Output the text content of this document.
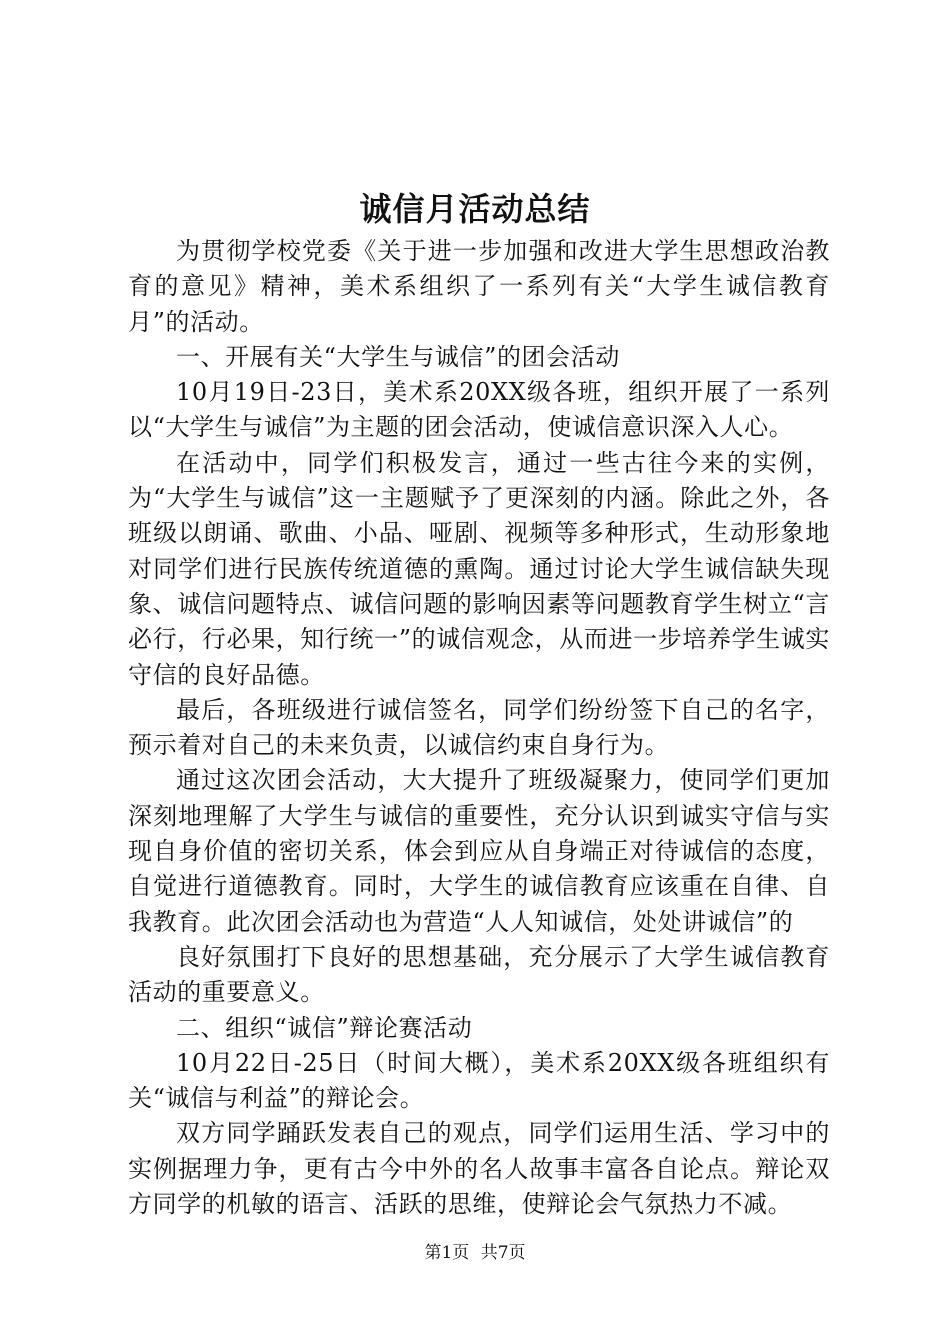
诚信月活动总结

为贯彻学校党委《关于进一步加强和改进大学生思想政治教育的意见》精神，美术系组织了一系列有关“大学生诚信教育月”的活动。

一、开展有关“大学生与诚信”的团会活动

10月19日-23日，美术系20XX级各班，组织开展了一系列以“大学生与诚信”为主题的团会活动，使诚信意识深入人心。

在活动中，同学们积极发言，通过一些古往今来的实例，为“大学生与诚信”这一主题赋予了更深刻的内涵。除此之外，各班级以朗诵、歌曲、小品、哑剧、视频等多种形式，生动形象地对同学们进行民族传统道德的熏陶。通过讨论大学生诚信缺失现象、诚信问题特点、诚信问题的影响因素等问题教育学生树立“言必行，行必果，知行统一”的诚信观念，从而进一步培养学生诚实守信的良好品德。

最后，各班级进行诚信签名，同学们纷纷签下自己的名字，预示着对自己的未来负责，以诚信约束自身行为。

通过这次团会活动，大大提升了班级凝聚力，使同学们更加深刻地理解了大学生与诚信的重要性，充分认识到诚实守信与实现自身价值的密切关系，体会到应从自身端正对待诚信的态度，自觉进行道德教育。同时，大学生的诚信教育应该重在自律、自我教育。此次团会活动也为营造“人人知诚信，处处讲诚信”的

良好氛围打下良好的思想基础，充分展示了大学生诚信教育活动的重要意义。

二、组织“诚信”辩论赛活动

10月22日-25日（时间大概），美术系20XX级各班组织有关“诚信与利益”的辩论会。

双方同学踊跃发表自己的观点，同学们运用生活、学习中的实例据理力争，更有古今中外的名人故事丰富各自论点。辩论双方同学的机敏的语言、活跃的思维，使辩论会气氛热力不减。

第1页 共7页
